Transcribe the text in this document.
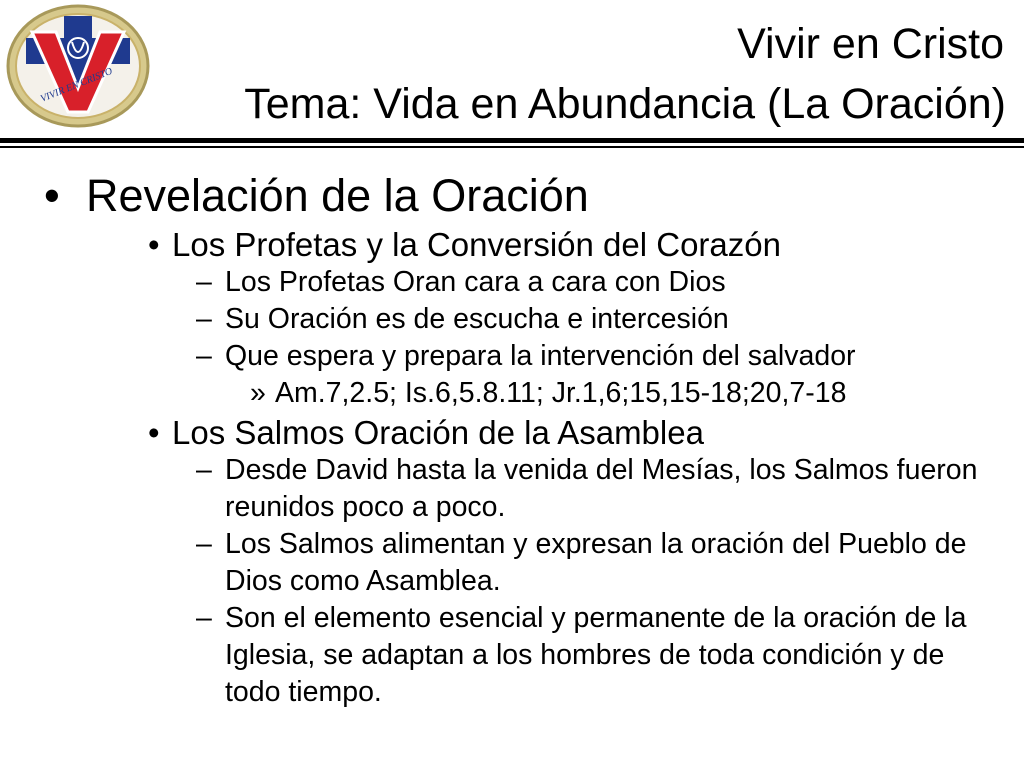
VIVIR EN CRISTO
Vivir en Cristo
Tema: Vida en Abundancia (La Oración)
• Revelación de la Oración
• Los Profetas y la Conversión del Corazón
– Los Profetas Oran cara a cara con Dios
– Su Oración es de escucha e intercesión
– Que espera y prepara la intervención del salvador
» Am.7,2.5; Is.6,5.8.11; Jr.1,6;15,15-18;20,7-18
• Los Salmos Oración de la Asamblea
– Desde David hasta la venida del Mesías, los Salmos fueron reunidos poco a poco.
– Los Salmos alimentan y expresan la oración del Pueblo de Dios como Asamblea.
– Son el elemento esencial y permanente de la oración de la Iglesia, se adaptan a los hombres de toda condición y de todo tiempo.
